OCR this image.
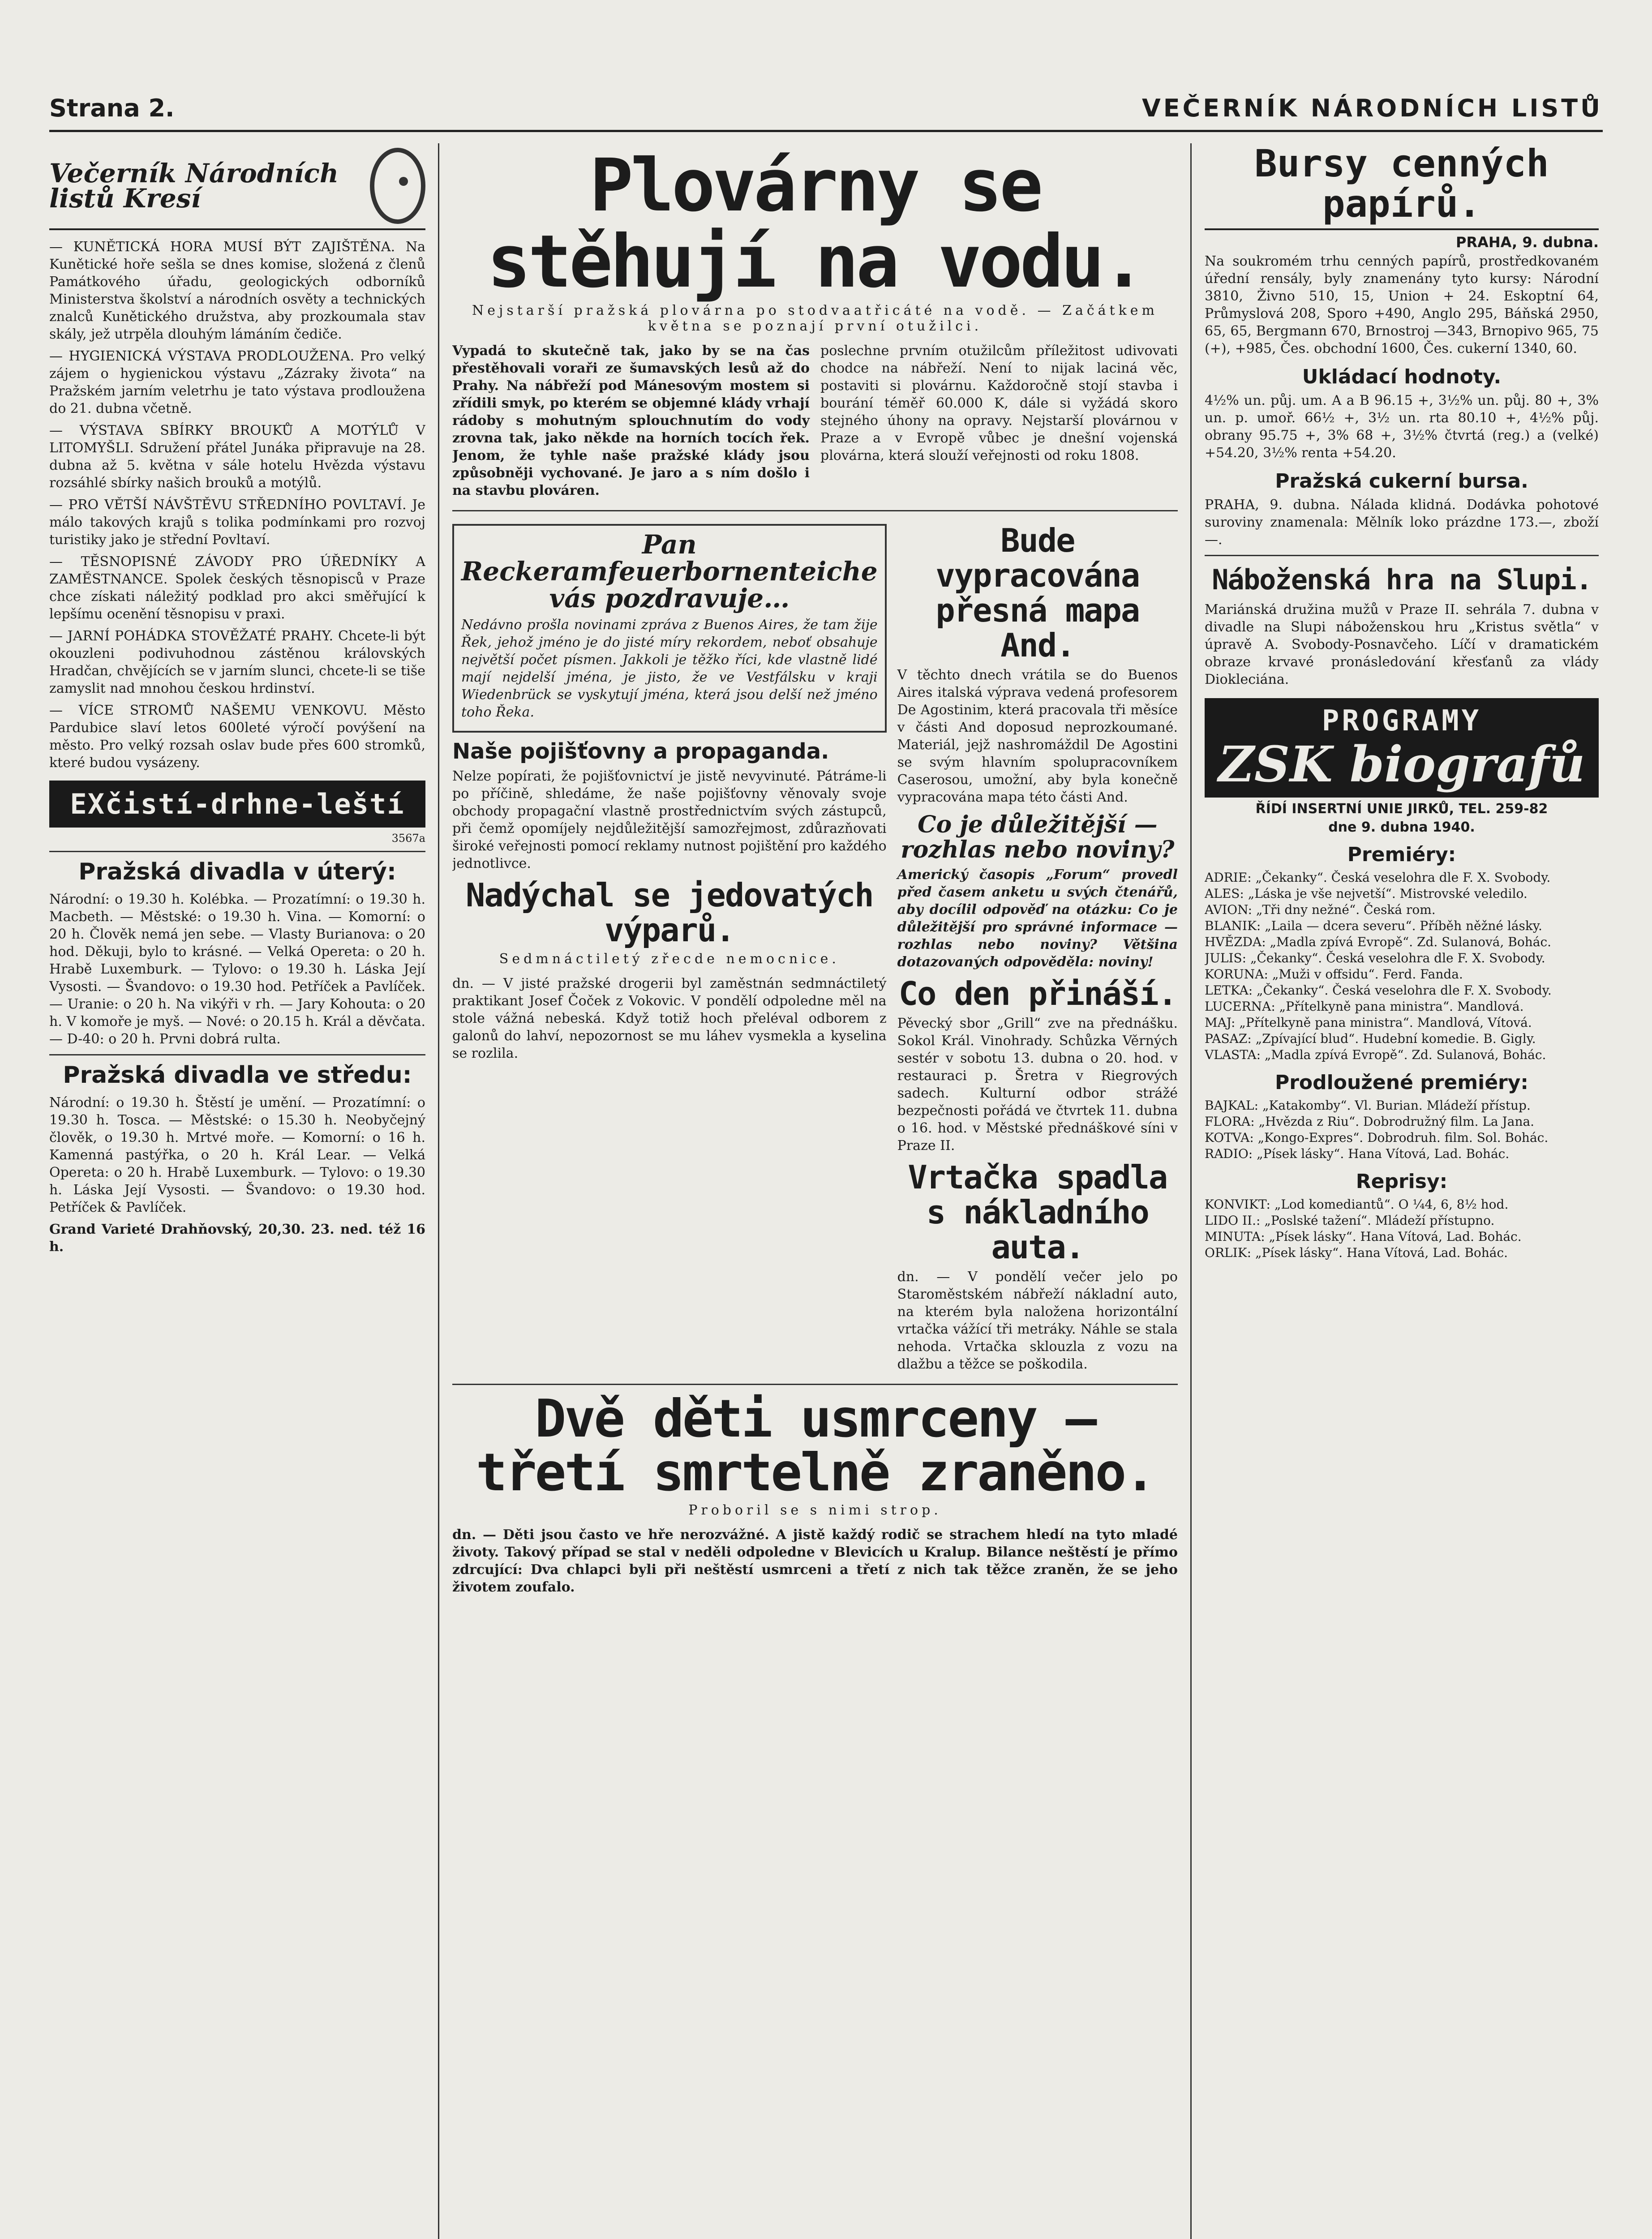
Strana 2.	VEČERNÍK NÁRODNÍCH LISTŮ
Večerník Národních listů Kresí

— KUNĚTICKÁ HORA MUSÍ BÝT ZAJIŠTĚNA. Na Kunětické hoře sešla se dnes komise, složená z členů Památkového úřadu, geologických odborníků Ministerstva školství a národních osvěty a technických znalců Kunětického družstva, aby prozkoumala stav skály, jež utrpěla dlouhým lámáním čediče.

— HYGIENICKÁ VÝSTAVA PRODLOUŽENA. Pro velký zájem o hygienickou výstavu „Zázraky života“ na Pražském jarním veletrhu je tato výstava prodloužena do 21. dubna včetně.

— VÝSTAVA SBÍRKY BROUKŮ A MOTÝLŮ V LITOMYŠLI. Sdružení přátel Junáka připravuje na 28. dubna až 5. května v sále hotelu Hvězda výstavu rozsáhlé sbírky našich brouků a motýlů.

— PRO VĚTŠÍ NÁVŠTĚVU STŘEDNÍHO POVLTAVÍ. Je málo takových krajů s tolika podmínkami pro rozvoj turistiky jako je střední Povltaví.

— TĚSNOPISNÉ ZÁVODY PRO ÚŘEDNÍKY A ZAMĚSTNANCE. Spolek českých těsnopisců v Praze chce získati náležitý podklad pro akci směřující k lepšímu ocenění těsnopisu v praxi.

— JARNÍ POHÁDKA STOVĚŽATÉ PRAHY. Chcete-li být okouzleni podivuhodnou zástěnou královských Hradčan, chvějících se v jarním slunci, chcete-li se tiše zamyslit nad mnohou českou hrdinství.

— VÍCE STROMŮ NAŠEMU VENKOVU. Město Pardubice slaví letos 600leté výročí povýšení na město. Pro velký rozsah oslav bude přes 600 stromků, které budou vysázeny.

EXčistí-drhne-leští
3567a
Pražská divadla v úterý:

Národní: o 19.30 h. Kolébka. — Prozatímní: o 19.30 h. Macbeth. — Městské: o 19.30 h. Vina. — Komorní: o 20 h. Člověk nemá jen sebe. — Vlasty Burianova: o 20 hod. Děkuji, bylo to krásné. — Velká Opereta: o 20 h. Hrabě Luxemburk. — Tylovo: o 19.30 h. Láska Její Vysosti. — Švandovo: o 19.30 hod. Petříček a Pavlíček. — Uranie: o 20 h. Na vikýři v rh. — Jary Kohouta: o 20 h. V komoře je myš. — Nové: o 20.15 h. Král a děvčata. — D-40: o 20 h. Prvni dobrá rulta.

Pražská divadla ve středu:

Národní: o 19.30 h. Štěstí je umění. — Prozatímní: o 19.30 h. Tosca. — Městské: o 15.30 h. Neobyčejný člověk, o 19.30 h. Mrtvé moře. — Komorní: o 16 h. Kamenná pastýřka, o 20 h. Král Lear. — Velká Opereta: o 20 h. Hrabě Luxemburk. — Tylovo: o 19.30 h. Láska Její Vysosti. — Švandovo: o 19.30 hod. Petříček & Pavlíček.

Grand Varieté Drahňovský, 20,30. 23. ned. též 16 h.

Plovárny se stěhují na vodu.
Nejstarší pražská plovárna po stodvaatřicáté na vodě. — Začátkem května se poznají první otužilci.

Vypadá to skutečně tak, jako by se na čas přestěhovali voraři ze šumavských lesů až do Prahy. Na nábřeží pod Mánesovým mostem si zřídili smyk, po kterém se objemné klády vrhají rádoby s mohutným splouchnutím do vody zrovna tak, jako někde na horních tocích řek. Jenom, že tyhle naše pražské klády jsou způsobněji vychované. Je jaro a s ním došlo i na stavbu plováren.

poslechne prvním otužilcům příležitost udivovati chodce na nábřeží. Není to nijak laciná věc, postaviti si plovárnu. Každoročně stojí stavba i bourání téměř 60.000 K, dále si vyžádá skoro stejného úhony na opravy. Nejstarší plovárnou v Praze a v Evropě vůbec je dnešní vojenská plovárna, která slouží veřejnosti od roku 1808.

Pan Reckeramfeuerbornenteiche vás pozdravuje…

Nedávno prošla novinami zpráva z Buenos Aires, že tam žije Řek, jehož jméno je do jisté míry rekordem, neboť obsahuje největší počet písmen. Jakkoli je těžko říci, kde vlastně lidé mají nejdelší jména, je jisto, že ve Vestfálsku v kraji Wiedenbrück se vyskytují jména, která jsou delší než jméno toho Řeka.

Naše pojišťovny a propaganda.

Nelze popírati, že pojišťovnictví je jistě nevyvinuté. Pátráme-li po příčině, shledáme, že naše pojišťovny věnovaly svoje obchody propagační vlastně prostřednictvím svých zástupců, při čemž opomíjely nejdůležitější samozřejmost, zdůrazňovati široké veřejnosti pomocí reklamy nutnost pojištění pro každého jednotlivce.

Nadýchal se jedovatých výparů.
Sedmnáctiletý zřecde nemocnice.

dn. — V jisté pražské drogerii byl zaměstnán sedmnáctiletý praktikant Josef Čoček z Vokovic. V pondělí odpoledne měl na stole vážná nebeská. Když totiž hoch přeléval odborem z galonů do lahví, nepozornost se mu láhev vysmekla a kyselina se rozlila.

Bude vypracována přesná mapa And.

V těchto dnech vrátila se do Buenos Aires italská výprava vedená profesorem De Agostinim, která pracovala tři měsíce v části And doposud neprozkoumané. Materiál, jejž nashromáždil De Agostini se svým hlavním spolupracovníkem Caserosou, umožní, aby byla konečně vypracována mapa této části And.

Co je důležitější — rozhlas nebo noviny?

Americký časopis „Forum“ provedl před časem anketu u svých čtenářů, aby docílil odpověď na otázku: Co je důležitější pro správné informace — rozhlas nebo noviny? Většina dotazovaných odpověděla: noviny!

Co den přináší.

Pěvecký sbor „Grill“ zve na přednášku. Sokol Král. Vinohrady. Schůzka Věrných sestér v sobotu 13. dubna o 20. hod. v restauraci p. Šretra v Riegrových sadech. Kulturní odbor strážé bezpečnosti pořádá ve čtvrtek 11. dubna o 16. hod. v Městské přednáškové síni v Praze II.

Vrtačka spadla s nákladního auta.

dn. — V pondělí večer jelo po Staroměstském nábřeží nákladní auto, na kterém byla naložena horizontální vrtačka vážící tři metráky. Náhle se stala nehoda. Vrtačka sklouzla z vozu na dlažbu a těžce se poškodila.

Dvě děti usmrceny — třetí smrtelně zraněno.
Proboril se s nimi strop.

dn. — Děti jsou často ve hře nerozvážné. A jistě každý rodič se strachem hledí na tyto mladé životy. Takový případ se stal v neděli odpoledne v Blevicích u Kralup. Bilance neštěstí je přímo zdrcující: Dva chlapci byli při neštěstí usmrceni a třetí z nich tak těžce zraněn, že se jeho životem zoufalo.

Bursy cenných papírů.
PRAHA, 9. dubna.

Na soukromém trhu cenných papírů, prostředkovaném úřední rensály, byly znamenány tyto kursy: Národní 3810, Živno 510, 15, Union + 24. Eskoptní 64, Průmyslová 208, Sporo +490, Anglo 295, Báňská 2950, 65, 65, Bergmann 670, Brnostroj —343, Brnopivo 965, 75 (+), +985, Čes. obchodní 1600, Čes. cukerní 1340, 60.

Ukládací hodnoty.

4½% un. půj. um. A a B 96.15 +, 3½% un. půj. 80 +, 3% un. p. umoř. 66½ +, 3½ un. rta 80.10 +, 4½% půj. obrany 95.75 +, 3% 68 +, 3½% čtvrtá (reg.) a (velké) +54.20, 3½% renta +54.20.

Pražská cukerní bursa.

PRAHA, 9. dubna. Nálada klidná. Dodávka pohotové suroviny znamenala: Mělník loko prázdne 173.—, zboží —.

Náboženská hra na Slupi.

Mariánská družina mužů v Praze II. sehrála 7. dubna v divadle na Slupi náboženskou hru „Kristus světla“ v úpravě A. Svobody-Posnavčeho. Líčí v dramatickém obraze krvavé pronásledování křesťanů za vlády Diokleciána.

PROGRAMY
ZSK biografů
ŘÍDÍ INSERTNÍ UNIE JIRKŮ, TEL. 259-82
dne 9. dubna 1940.
Premiéry:
ADRIE: „Čekanky“. Česká veselohra dle F. X. Svobody.
ALES: „Láska je vše nejvetší“. Mistrovské veledilo.
AVION: „Tři dny nežné“. Česká rom.
BLANIK: „Laila — dcera severu“. Příběh něžné lásky.
HVĚZDA: „Madla zpívá Evropě“. Zd. Sulanová, Bohác.
JULIS: „Čekanky“. Česká veselohra dle F. X. Svobody.
KORUNA: „Muži v offsidu“. Ferd. Fanda.
LETKA: „Čekanky“. Česká veselohra dle F. X. Svobody.
LUCERNA: „Přítelkyně pana ministra“. Mandlová.
MAJ: „Přítelkyně pana ministra“. Mandlová, Vítová.
PASAZ: „Zpívající blud“. Hudební komedie. B. Gigly.
VLASTA: „Madla zpívá Evropě“. Zd. Sulanová, Bohác.
Prodloužené premiéry:
BAJKAL: „Katakomby“. Vl. Burian. Mládeží přístup.
FLORA: „Hvězda z Riu“. Dobrodružný film. La Jana.
KOTVA: „Kongo-Expres“. Dobrodruh. film. Sol. Bohác.
RADIO: „Písek lásky“. Hana Vítová, Lad. Bohác.
Reprisy:
KONVIKT: „Lod komediantů“. O ¼4, 6, 8½ hod.
LIDO II.: „Poslské tažení“. Mládeží přístupno.
MINUTA: „Písek lásky“. Hana Vítová, Lad. Bohác.
ORLIK: „Písek lásky“. Hana Vítová, Lad. Bohác.
